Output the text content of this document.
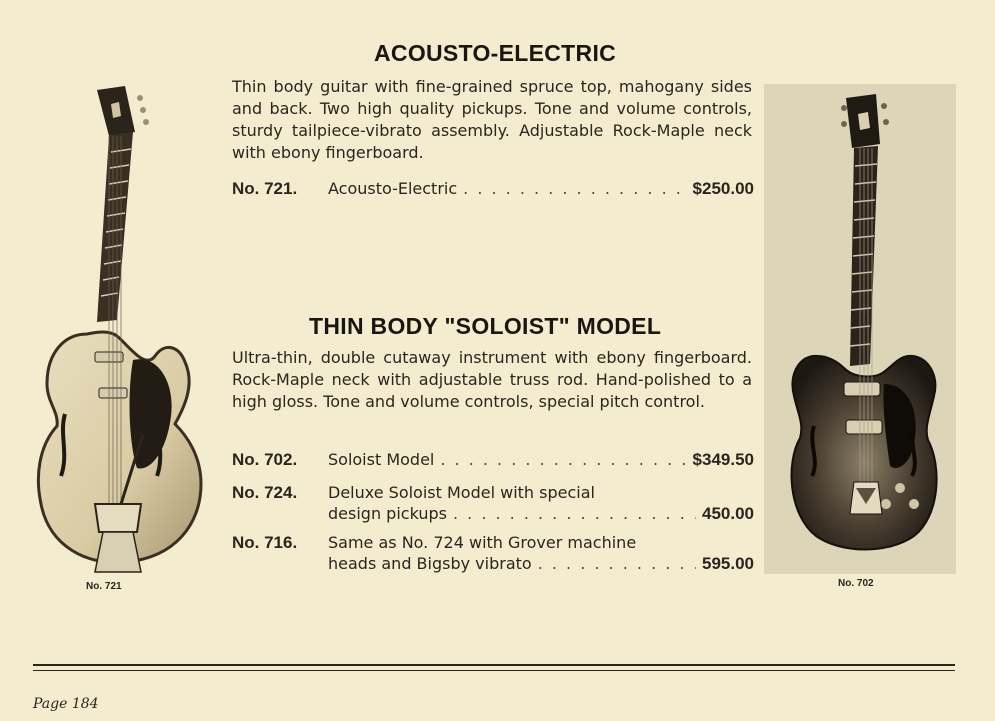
ACOUSTO-ELECTRIC

Thin body guitar with fine-grained spruce top, mahogany sides and back. Two high quality pickups. Tone and volume controls, sturdy tailpiece-vibrato assembly. Adjustable Rock-Maple neck with ebony fingerboard.

No. 721. Acousto-Electric . . .	$250.00
THIN BODY "SOLOIST" MODEL

Ultra-thin, double cutaway instrument with ebony fingerboard. Rock-Maple neck with adjustable truss rod. Hand-polished to a high gloss. Tone and volume controls, special pitch control.

No. 702. Soloist Model . . .	$349.50
No. 724. Deluxe Soloist Model with special
design pickups . . .	450.00
No. 716. Same as No. 724 with Grover machine
heads and Bigsby vibrato . . .	595.00
No. 721	No. 702
Page 184
